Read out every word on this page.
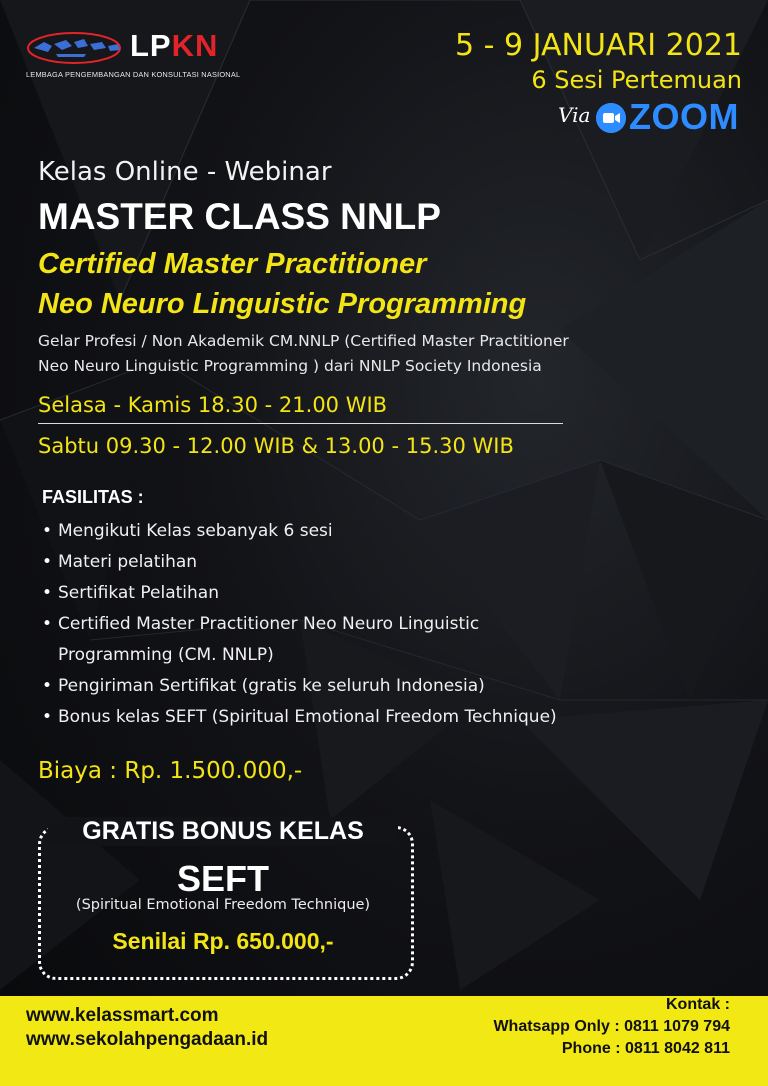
LPKN
LEMBAGA PENGEMBANGAN DAN KONSULTASI NASIONAL
5 - 9 JANUARI 2021
6 Sesi Pertemuan
Via ZOOM
Kelas Online - Webinar
MASTER CLASS NNLP
Certified Master Practitioner
Neo Neuro Linguistic Programming
Gelar Profesi / Non Akademik CM.NNLP (Certified Master Practitioner
Neo Neuro Linguistic Programming ) dari NNLP Society Indonesia
Selasa - Kamis 18.30 - 21.00 WIB
Sabtu 09.30 - 12.00 WIB & 13.00 - 15.30 WIB
FASILITAS :
• Mengikuti Kelas sebanyak 6 sesi
• Materi pelatihan
• Sertifikat Pelatihan
• Certified Master Practitioner Neo Neuro Linguistic Programming (CM. NNLP)
• Pengiriman Sertifikat (gratis ke seluruh Indonesia)
• Bonus kelas SEFT (Spiritual Emotional Freedom Technique)
Biaya : Rp. 1.500.000,-
GRATIS BONUS KELAS
SEFT
(Spiritual Emotional Freedom Technique)
Senilai Rp. 650.000,-
www.kelassmart.com
www.sekolahpengadaan.id
Kontak :
Whatsapp Only : 0811 1079 794
Phone : 0811 8042 811
